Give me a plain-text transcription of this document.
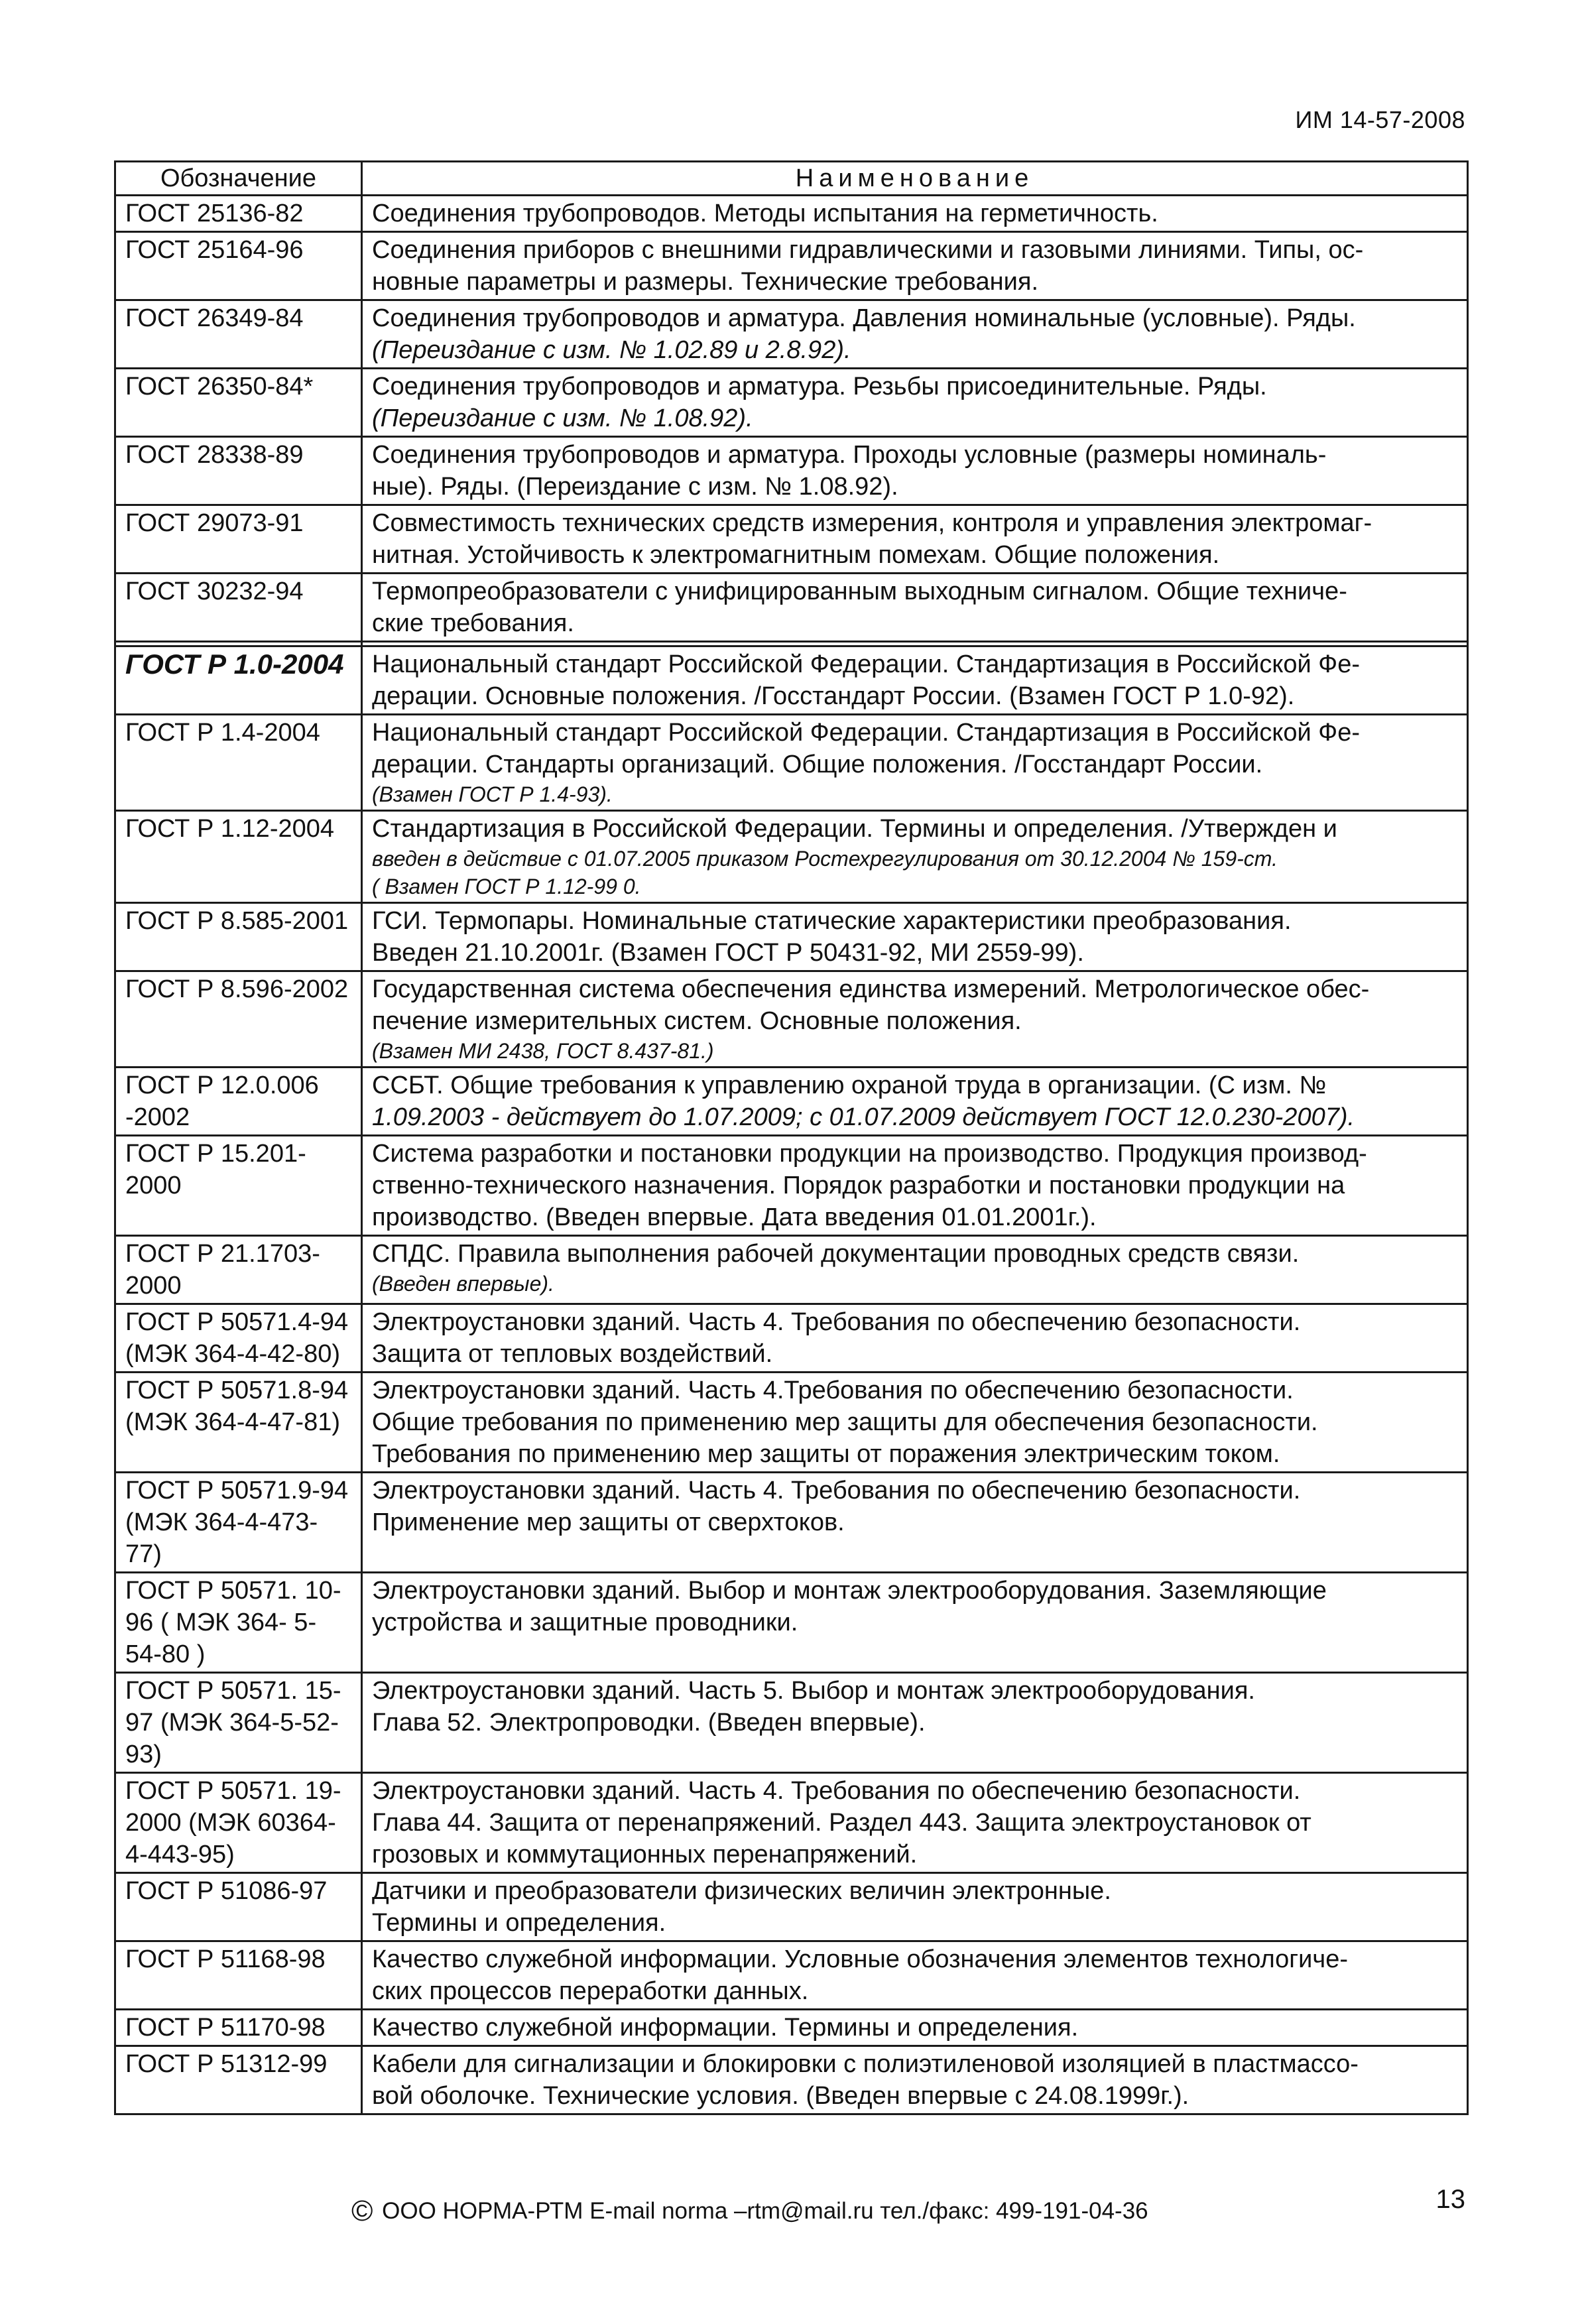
ИМ 14-57-2008
Обозначение	Наименование
ГОСТ 25136-82	Соединения трубопроводов. Методы испытания на герметичность.

ГОСТ 25164-96	Соединения приборов с внешними гидравлическими и газовыми линиями. Типы, ос-
новные параметры и размеры. Технические требования.

ГОСТ 26349-84	Соединения трубопроводов и арматура. Давления номинальные (условные). Ряды.
(Переиздание с изм. № 1.02.89 и 2.8.92).

ГОСТ 26350-84*	Соединения трубопроводов и арматура. Резьбы присоединительные. Ряды.
(Переиздание с изм. № 1.08.92).

ГОСТ 28338-89	Соединения трубопроводов и арматура. Проходы условные (размеры номиналь-
ные). Ряды. (Переиздание с изм. № 1.08.92).

ГОСТ 29073-91	Совместимость технических средств измерения, контроля и управления электромаг-
нитная. Устойчивость к электромагнитным помехам. Общие положения.

ГОСТ 30232-94	Термопреобразователи с унифицированным выходным сигналом. Общие техниче-
ские требования.

ГОСТ Р 1.0-2004	Национальный стандарт Российской Федерации. Стандартизация в Российской Фе-
дерации. Основные положения. /Госстандарт России. (Взамен ГОСТ Р 1.0-92).

ГОСТ Р 1.4-2004	Национальный стандарт Российской Федерации. Стандартизация в Российской Фе-
дерации. Стандарты организаций. Общие положения. /Госстандарт России.
(Взамен ГОСТ Р 1.4-93).

ГОСТ Р 1.12-2004	Стандартизация в Российской Федерации. Термины и определения. /Утвержден и
введен в действие с 01.07.2005 приказом Ростехрегулирования от 30.12.2004 № 159-ст.
( Взамен ГОСТ Р 1.12-99 0.

ГОСТ Р 8.585-2001	ГСИ. Термопары. Номинальные статические характеристики преобразования.
Введен 21.10.2001г. (Взамен ГОСТ Р 50431-92, МИ 2559-99).

ГОСТ Р 8.596-2002	Государственная система обеспечения единства измерений. Метрологическое обес-
печение измерительных систем. Основные положения.
(Взамен МИ 2438, ГОСТ 8.437-81.)

ГОСТ Р 12.0.006 -2002	ССБТ. Общие требования к управлению охраной труда в организации. (С изм. №
1.09.2003 - действует до 1.07.2009; с 01.07.2009 действует ГОСТ 12.0.230-2007).

ГОСТ Р 15.201-2000	Система разработки и постановки продукции на производство. Продукция производ-
ственно-технического назначения. Порядок разработки и постановки продукции на
производство. (Введен впервые. Дата введения 01.01.2001г.).

ГОСТ Р 21.1703-2000	СПДС. Правила выполнения рабочей документации проводных средств связи.
(Введен впервые).

ГОСТ Р 50571.4-94 (МЭК 364-4-42-80)	Электроустановки зданий. Часть 4. Требования по обеспечению безопасности.
Защита от тепловых воздействий.

ГОСТ Р 50571.8-94 (МЭК 364-4-47-81)	Электроустановки зданий. Часть 4.Требования по обеспечению безопасности.
Общие требования по применению мер защиты для обеспечения безопасности.
Требования по применению мер защиты от поражения электрическим током.

ГОСТ Р 50571.9-94 (МЭК 364-4-473-77)	Электроустановки зданий. Часть 4. Требования по обеспечению безопасности.
Применение мер защиты от сверхтоков.

ГОСТ Р 50571. 10-96 ( МЭК 364- 5-54-80 )	Электроустановки зданий. Выбор и монтаж электрооборудования. Заземляющие
устройства и защитные проводники.

ГОСТ Р 50571. 15-97 (МЭК 364-5-52-93)	Электроустановки зданий. Часть 5. Выбор и монтаж электрооборудования.
Глава 52. Электропроводки. (Введен впервые).

ГОСТ Р 50571. 19-2000 (МЭК 60364-4-443-95)	Электроустановки зданий. Часть 4. Требования по обеспечению безопасности.
Глава 44. Защита от перенапряжений. Раздел 443. Защита электроустановок от
грозовых и коммутационных перенапряжений.

ГОСТ Р 51086-97	Датчики и преобразователи физических величин электронные.
Термины и определения.

ГОСТ Р 51168-98	Качество служебной информации. Условные обозначения элементов технологиче-
ских процессов переработки данных.

ГОСТ Р 51170-98	Качество служебной информации. Термины и определения.

ГОСТ Р 51312-99	Кабели для сигнализации и блокировки с полиэтиленовой изоляцией в пластмассо-
вой оболочке. Технические условия. (Введен впервые с 24.08.1999г.).
© ООО НОРМА-РТМ E-mail norma –rtm@mail.ru тел./факс: 499-191-04-36	13
